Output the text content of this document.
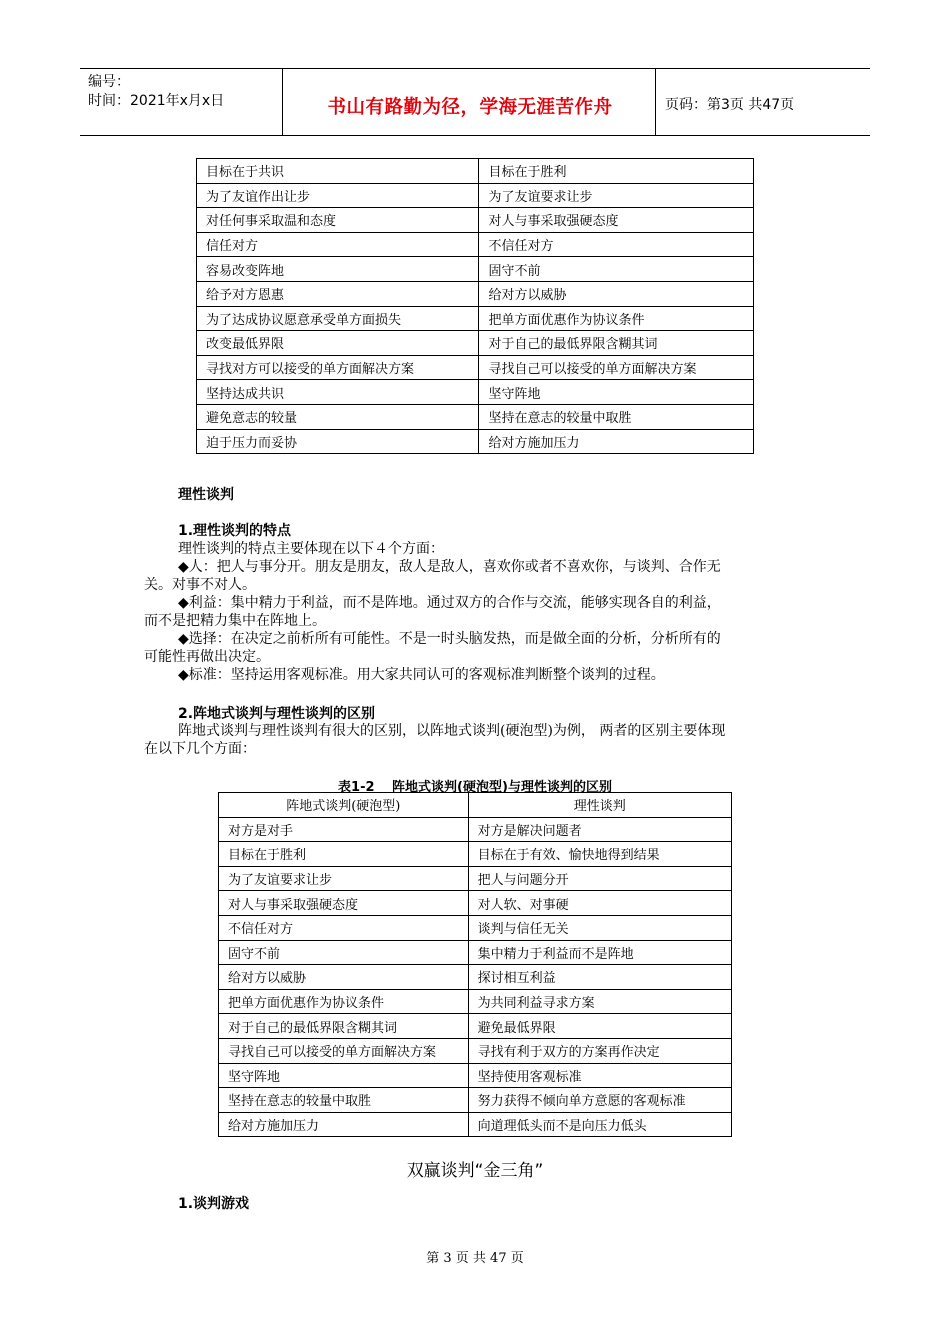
编号：
时间：2021年x月x日	书山有路勤为径，学海无涯苦作舟	页码：第3页 共47页
目标在于共识	目标在于胜利
为了友谊作出让步	为了友谊要求让步
对任何事采取温和态度	对人与事采取强硬态度
信任对方	不信任对方
容易改变阵地	固守不前
给予对方恩惠	给对方以威胁
为了达成协议愿意承受单方面损失	把单方面优惠作为协议条件
改变最低界限	对于自己的最低界限含糊其词
寻找对方可以接受的单方面解决方案	寻找自己可以接受的单方面解决方案
坚持达成共识	坚守阵地
避免意志的较量	坚持在意志的较量中取胜
迫于压力而妥协	给对方施加压力
理性谈判
1.理性谈判的特点
理性谈判的特点主要体现在以下４个方面：
◆人：把人与事分开。朋友是朋友，敌人是敌人，喜欢你或者不喜欢你，与谈判、合作无
关。对事不对人。
◆利益：集中精力于利益，而不是阵地。通过双方的合作与交流，能够实现各自的利益，
而不是把精力集中在阵地上。
◆选择：在决定之前析所有可能性。不是一时头脑发热，而是做全面的分析，分析所有的
可能性再做出决定。
◆标准：坚持运用客观标准。用大家共同认可的客观标准判断整个谈判的过程。
2.阵地式谈判与理性谈判的区别
阵地式谈判与理性谈判有很大的区别，以阵地式谈判(硬泡型)为例， 两者的区别主要体现
在以下几个方面：
表1-2　 阵地式谈判(硬泡型)与理性谈判的区别
阵地式谈判(硬泡型)	理性谈判
对方是对手	对方是解决问题者
目标在于胜利	目标在于有效、愉快地得到结果
为了友谊要求让步	把人与问题分开
对人与事采取强硬态度	对人软、对事硬
不信任对方	谈判与信任无关
固守不前	集中精力于利益而不是阵地
给对方以威胁	探讨相互利益
把单方面优惠作为协议条件	为共同利益寻求方案
对于自己的最低界限含糊其词	避免最低界限
寻找自己可以接受的单方面解决方案	寻找有利于双方的方案再作决定
坚守阵地	坚持使用客观标准
坚持在意志的较量中取胜	努力获得不倾向单方意愿的客观标准
给对方施加压力	向道理低头而不是向压力低头
双赢谈判“金三角”
1.谈判游戏
第 3 页 共 47 页
